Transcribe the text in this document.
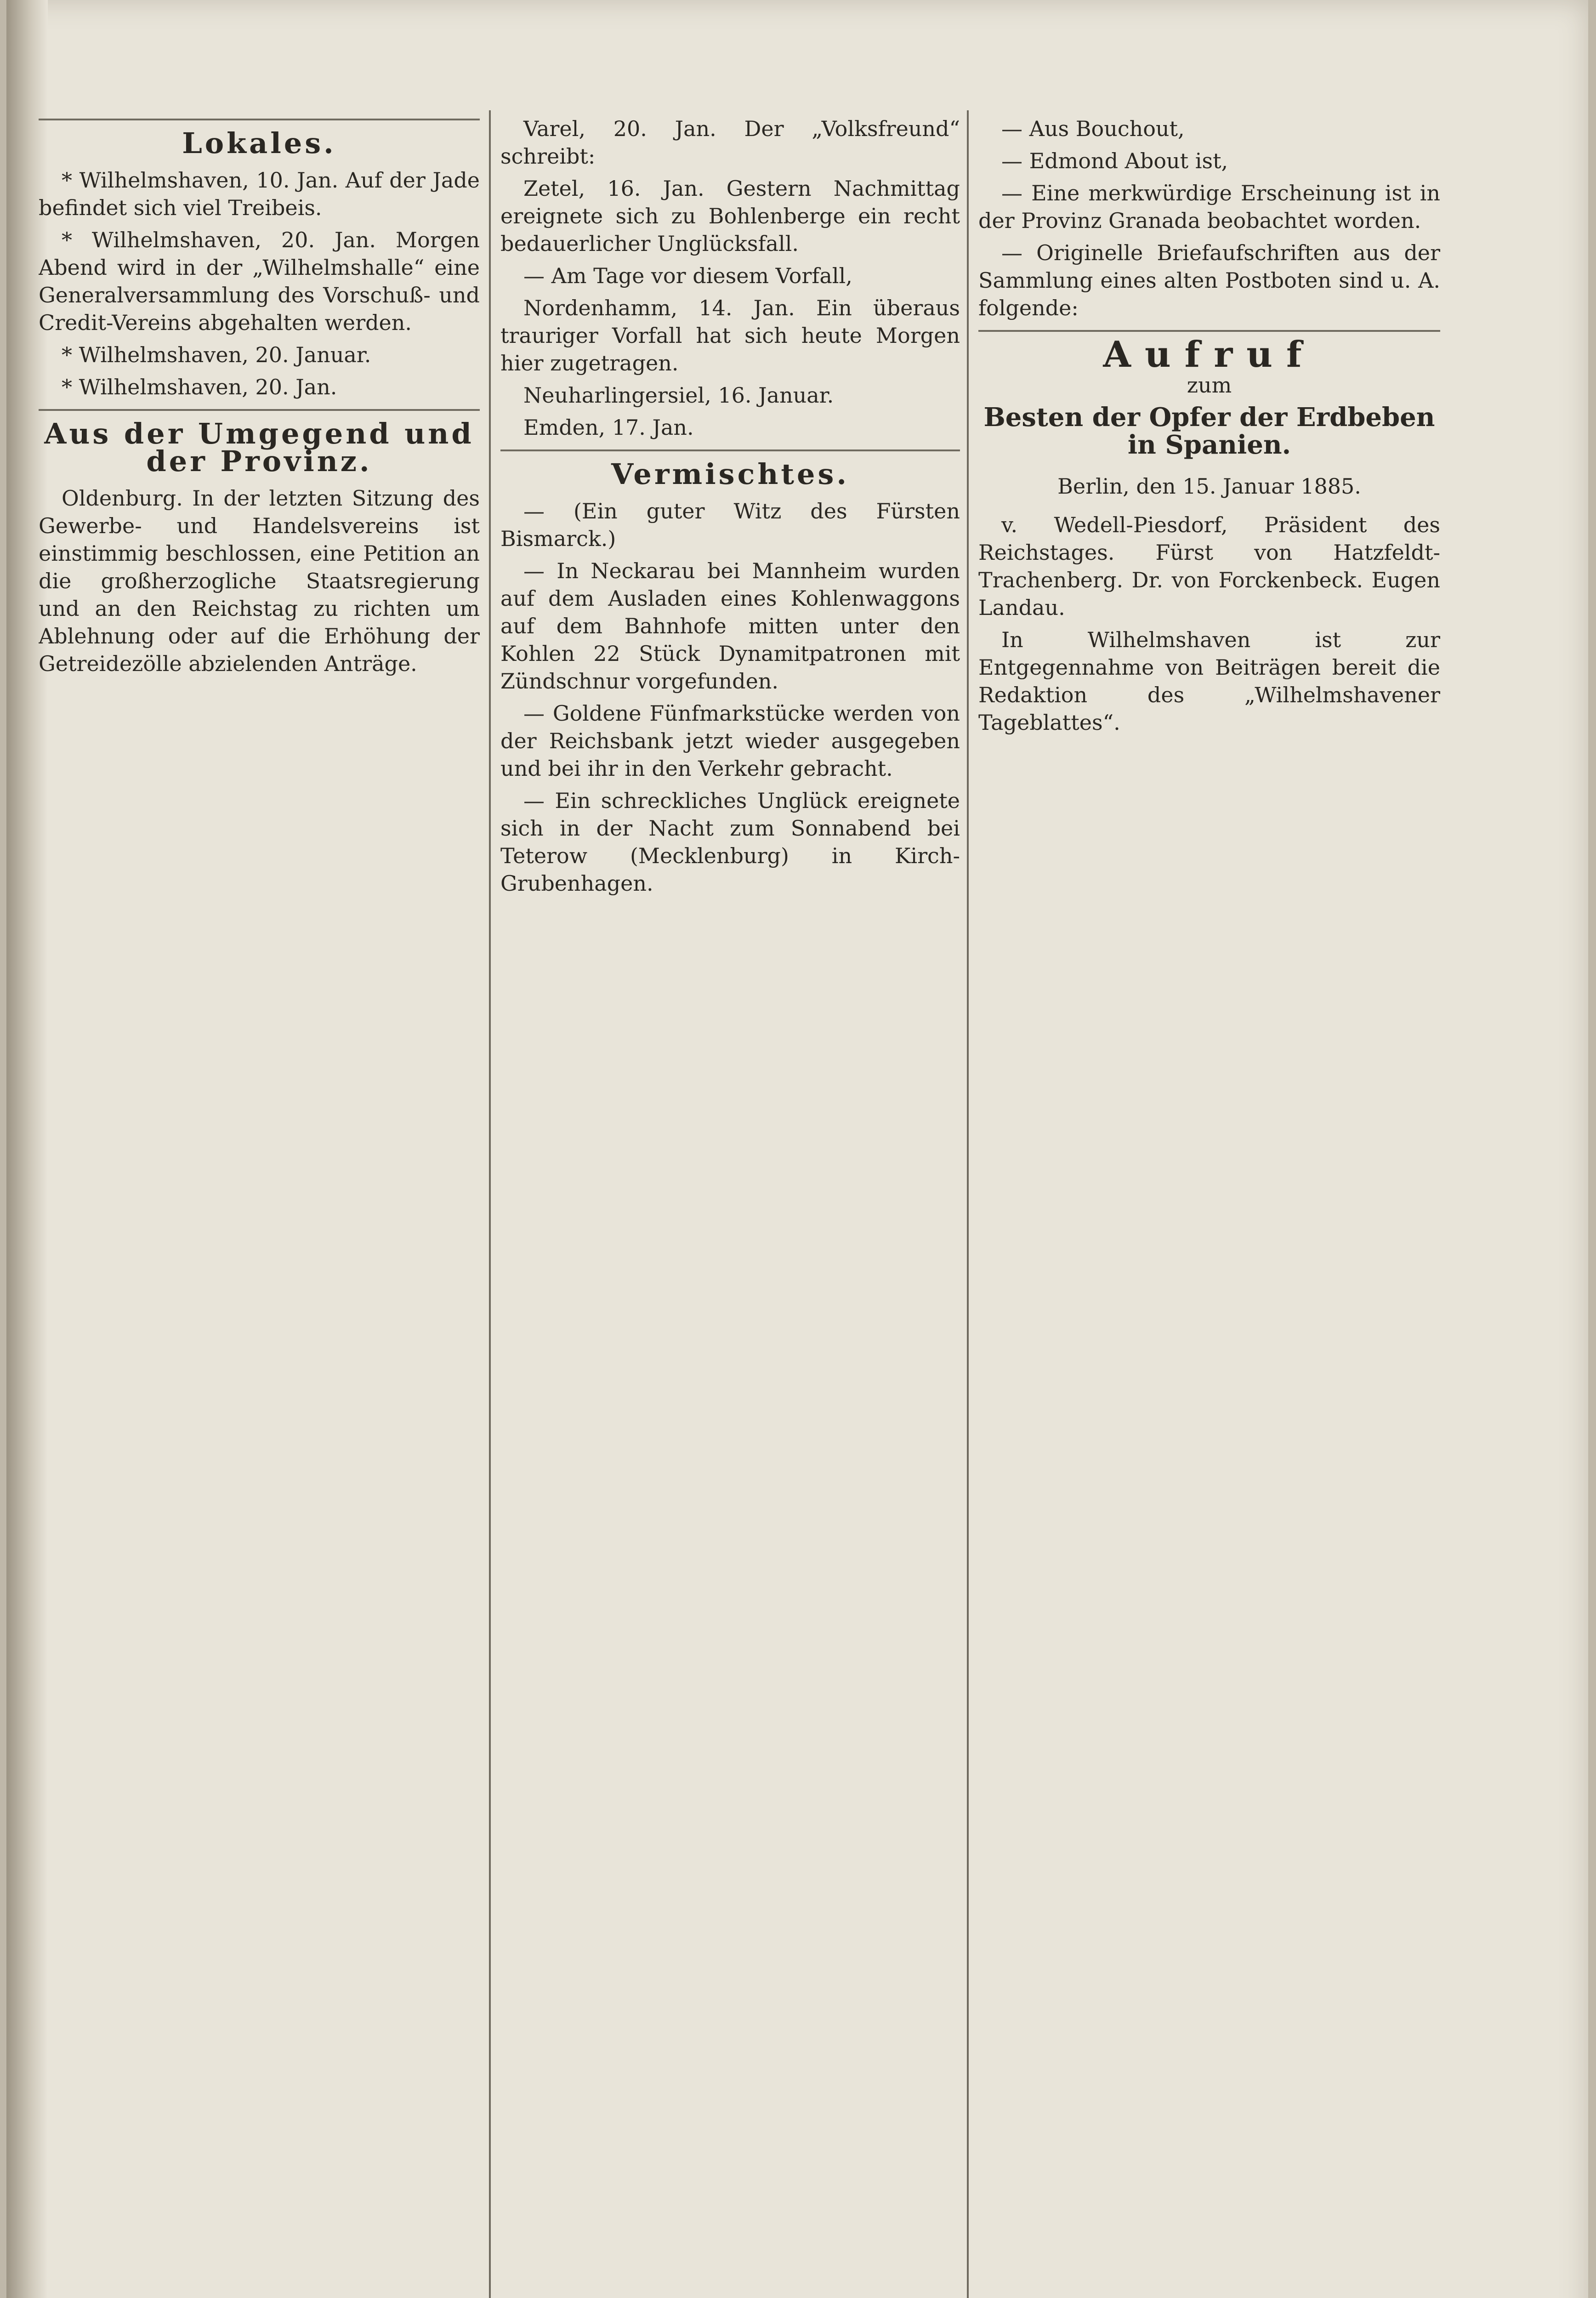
Lokales.

* Wilhelmshaven, 10. Jan. Auf der Jade befindet sich viel Treibeis.

* Wilhelmshaven, 20. Jan. Morgen Abend wird in der „Wilhelmshalle“ eine Generalversammlung des Vorschuß- und Credit-Vereins abgehalten werden.

* Wilhelmshaven, 20. Januar.

* Wilhelmshaven, 20. Jan.

Aus der Umgegend und der Provinz.

Oldenburg. In der letzten Sitzung des Gewerbe- und Handelsvereins ist einstimmig beschlossen, eine Petition an die großherzogliche Staatsregierung und an den Reichstag zu richten um Ablehnung oder auf die Erhöhung der Getreidezölle abzielenden Anträge.

Varel, 20. Jan. Der „Volksfreund“ schreibt:

Zetel, 16. Jan. Gestern Nachmittag ereignete sich zu Bohlenberge ein recht bedauerlicher Unglücksfall.

— Am Tage vor diesem Vorfall,

Nordenhamm, 14. Jan. Ein überaus trauriger Vorfall hat sich heute Morgen hier zugetragen.

Neuharlingersiel, 16. Januar.

Emden, 17. Jan.

Vermischtes.

— (Ein guter Witz des Fürsten Bismarck.)

— In Neckarau bei Mannheim wurden auf dem Ausladen eines Kohlenwaggons auf dem Bahnhofe mitten unter den Kohlen 22 Stück Dynamitpatronen mit Zündschnur vorgefunden.

— Goldene Fünfmarkstücke werden von der Reichsbank jetzt wieder ausgegeben und bei ihr in den Verkehr gebracht.

— Ein schreckliches Unglück ereignete sich in der Nacht zum Sonnabend bei Teterow (Mecklenburg) in Kirch-Grubenhagen.

— Aus Bouchout,

— Edmond About ist,

— Eine merkwürdige Erscheinung ist in der Provinz Granada beobachtet worden.

— Originelle Briefaufschriften aus der Sammlung eines alten Postboten sind u. A. folgende:

Aufruf
zum
Besten der Opfer der Erdbeben in Spanien.

Berlin, den 15. Januar 1885.

v. Wedell-Piesdorf, Präsident des Reichstages. Fürst von Hatzfeldt-Trachenberg. Dr. von Forckenbeck. Eugen Landau.

In Wilhelmshaven ist zur Entgegennahme von Beiträgen bereit die Redaktion des „Wilhelmshavener Tageblattes“.
